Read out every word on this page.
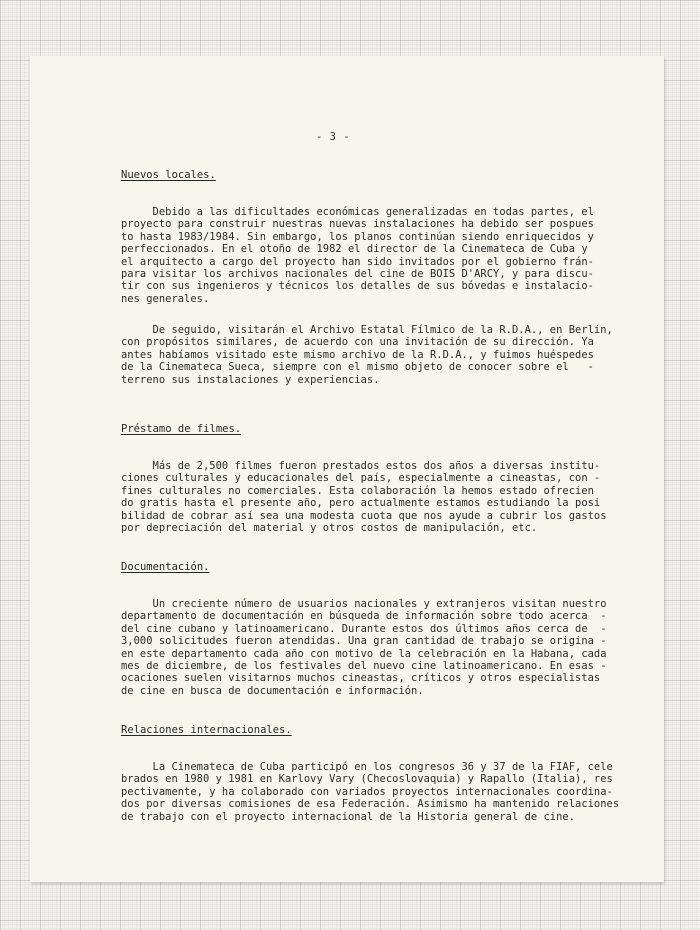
- 3 -
Nuevos locales.
Debido a las dificultades económicas generalizadas en todas partes, el
proyecto para construir nuestras nuevas instalaciones ha debido ser pospues
to hasta 1983/1984. Sin embargo, los planos continúan siendo enriquecidos y
perfeccionados. En el otoño de 1982 el director de la Cinemateca de Cuba y
el arquitecto a cargo del proyecto han sido invitados por el gobierno frán-
para visitar los archivos nacionales del cine de BOIS D'ARCY, y para discu-
tir con sus ingenieros y técnicos los detalles de sus bóvedas e instalacio-
nes generales.
De seguido, visitarán el Archivo Estatal Fílmico de la R.D.A., en Berlín,
con propósitos similares, de acuerdo con una invitación de su dirección. Ya
antes habíamos visitado este mismo archivo de la R.D.A., y fuimos huéspedes
de la Cinemateca Sueca, siempre con el mismo objeto de conocer sobre el   -
terreno sus instalaciones y experiencias.
Préstamo de filmes.
Más de 2,500 filmes fueron prestados estos dos años a diversas institu-
ciones culturales y educacionales del país, especialmente a cineastas, con -
fines culturales no comerciales. Esta colaboración la hemos estado ofrecien
do gratis hasta el presente año, pero actualmente estamos estudiando la posi
bilidad de cobrar así sea una modesta cuota que nos ayude a cubrir los gastos
por depreciación del material y otros costos de manipulación, etc.
Documentación.
Un creciente número de usuarios nacionales y extranjeros visitan nuestro
departamento de documentación en búsqueda de información sobre todo acerca  -
del cine cubano y latinoamericano. Durante estos dos últimos años cerca de  -
3,000 solicitudes fueron atendidas. Una gran cantidad de trabajo se origina -
en este departamento cada año con motivo de la celebración en la Habana, cada
mes de diciembre, de los festivales del nuevo cine latinoamericano. En esas -
ocaciones suelen visitarnos muchos cineastas, críticos y otros especialistas
de cine en busca de documentación e información.
Relaciones internacionales.
La Cinemateca de Cuba participó en los congresos 36 y 37 de la FIAF, cele
brados en 1980 y 1981 en Karlovy Vary (Checoslovaquia) y Rapallo (Italia), res
pectivamente, y ha colaborado con variados proyectos internacionales coordina-
dos por diversas comisiones de esa Federación. Asimismo ha mantenido relaciones
de trabajo con el proyecto internacional de la Historia general de cine.
